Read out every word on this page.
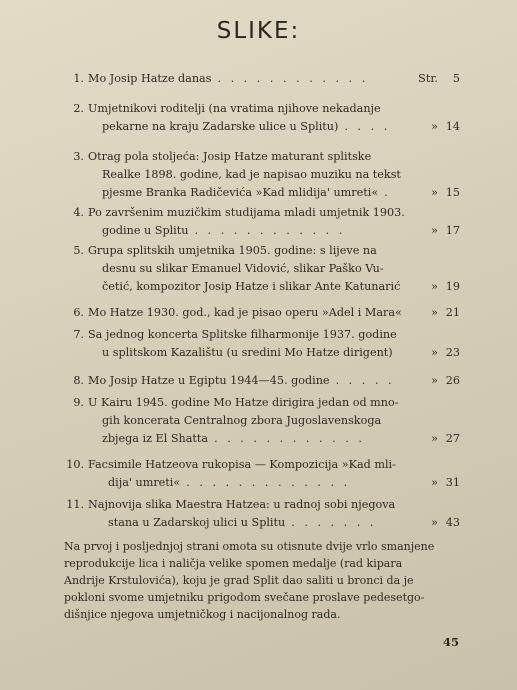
SLIKE:
1. Mo Josip Hatze danas . . . . . . . . . . . .	Str. 5
2. Umjetnikovi roditelji (na vratima njihove nekadanje
pekarne na kraju Zadarske ulice u Splitu) . . . .	» 14
3. Otrag pola stoljeća: Josip Hatze maturant splitske
Realke 1898. godine, kad je napisao muziku na tekst
pjesme Branka Radičevića »Kad mlidija' umreti« .	» 15
4. Po završenim muzičkim studijama mladi umjetnik 1903.
godine u Splitu . . . . . . . . . . . .	» 17
5. Grupa splitskih umjetnika 1905. godine: s lijeve na
desnu su slikar Emanuel Vidović, slikar Paško Vu-
četić, kompozitor Josip Hatze i slikar Ante Katunarić	» 19
6. Mo Hatze 1930. god., kad je pisao operu »Adel i Mara«	» 21
7. Sa jednog koncerta Splitske filharmonije 1937. godine
u splitskom Kazalištu (u sredini Mo Hatze dirigent)	» 23
8. Mo Josip Hatze u Egiptu 1944—45. godine . . . . .	» 26
9. U Kairu 1945. godine Mo Hatze dirigira jedan od mno-
gih koncerata Centralnog zbora Jugoslavenskoga
zbjega iz El Shatta . . . . . . . . . . . .	» 27
10. Facsimile Hatzeova rukopisa — Kompozicija »Kad mli-
dija' umreti« . . . . . . . . . . . . .	» 31
11. Najnovija slika Maestra Hatzea: u radnoj sobi njegova
stana u Zadarskoj ulici u Splitu . . . . . . .	» 43
Na prvoj i posljednjoj strani omota su otisnute dvije vrlo smanjene
reprodukcije lica i naličja velike spomen medalje (rad kipara
Andrije Krstulovića), koju je grad Split dao saliti u bronci da je
pokloni svome umjetniku prigodom svečane proslave pedesetgo-
dišnjice njegova umjetničkog i nacijonalnog rada.
45
